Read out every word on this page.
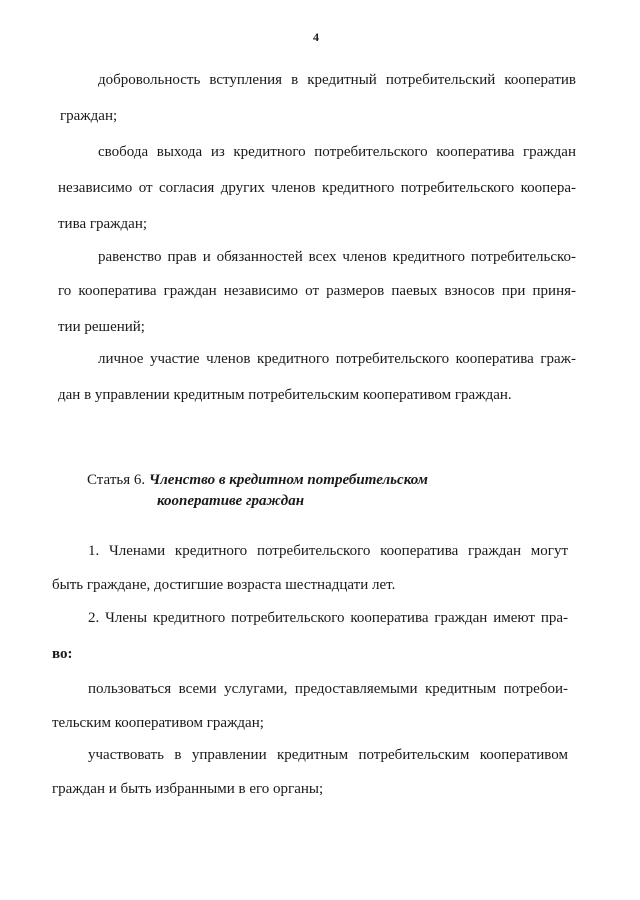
4
добровольность вступления в кредитный потребительский кооператив
граждан;
свобода выхода из кредитного потребительского кооператива граждан
независимо от согласия других членов кредитного потребительского коопера-
тива граждан;
равенство прав и обязанностей всех членов кредитного потребительско-
го кооператива граждан независимо от размеров паевых взносов при приня-
тии решений;
личное участие членов кредитного потребительского кооператива граж-
дан в управлении кредитным потребительским кооперативом граждан.
Статья 6. Членство в кредитном потребительском
кооперативе граждан
1. Членами кредитного потребительского кооператива граждан могут
быть граждане, достигшие возраста шестнадцати лет.
2. Члены кредитного потребительского кооператива граждан имеют пра-
во:
пользоваться всеми услугами, предоставляемыми кредитным потребои-
тельским кооперативом граждан;
участвовать в управлении кредитным потребительским кооперативом
граждан и быть избранными в его органы;
